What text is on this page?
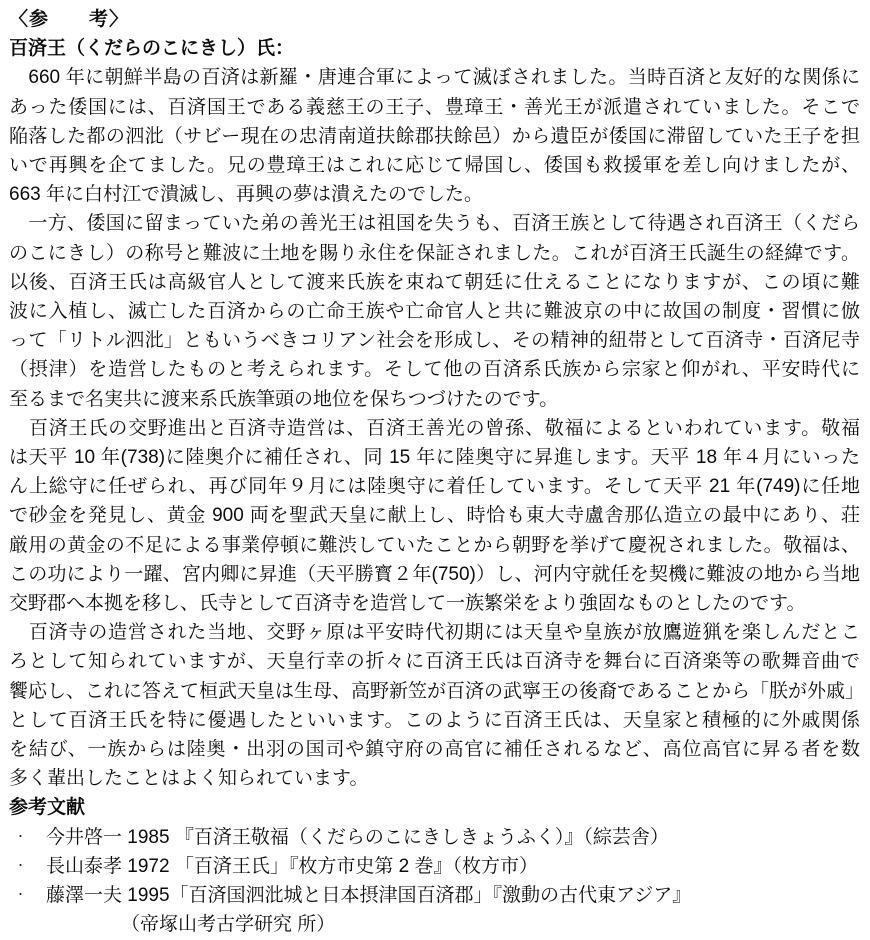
〈参　　考〉
百済王（くだらのこにきし）氏：
　660 年に朝鮮半島の百済は新羅・唐連合軍によって滅ぼされました。当時百済と友好的な関係に
あった倭国には、百済国王である義慈王の王子、豊璋王・善光王が派遣されていました。そこで
陥落した都の泗沘（サビー現在の忠清南道扶餘郡扶餘邑）から遺臣が倭国に滞留していた王子を担
いで再興を企てました。兄の豊璋王はこれに応じて帰国し、倭国も救援軍を差し向けましたが、
663 年に白村江で潰滅し、再興の夢は潰えたのでした。
　一方、倭国に留まっていた弟の善光王は祖国を失うも、百済王族として待遇され百済王（くだら
のこにきし）の称号と難波に土地を賜り永住を保証されました。これが百済王氏誕生の経緯です。
以後、百済王氏は高級官人として渡来氏族を束ねて朝廷に仕えることになりますが、この頃に難
波に入植し、滅亡した百済からの亡命王族や亡命官人と共に難波京の中に故国の制度・習慣に倣
って「リトル泗沘」ともいうべきコリアン社会を形成し、その精神的紐帯として百済寺・百済尼寺
（摂津）を造営したものと考えられます。そして他の百済系氏族から宗家と仰がれ、平安時代に
至るまで名実共に渡来系氏族筆頭の地位を保ちつづけたのです。
　百済王氏の交野進出と百済寺造営は、百済王善光の曾孫、敬福によるといわれています。敬福
は天平 10 年(738)に陸奥介に補任され、同 15 年に陸奥守に昇進します。天平 18 年４月にいった
ん上総守に任ぜられ、再び同年９月には陸奥守に着任しています。そして天平 21 年(749)に任地
で砂金を発見し、黄金 900 両を聖武天皇に献上し、時恰も東大寺盧舎那仏造立の最中にあり、荘
厳用の黄金の不足による事業停頓に難渋していたことから朝野を挙げて慶祝されました。敬福は、
この功により一躍、宮内卿に昇進（天平勝寳２年(750)）し、河内守就任を契機に難波の地から当地
交野郡へ本拠を移し、氏寺として百済寺を造営して一族繁栄をより強固なものとしたのです。
　百済寺の造営された当地、交野ヶ原は平安時代初期には天皇や皇族が放鷹遊猟を楽しんだとこ
ろとして知られていますが、天皇行幸の折々に百済王氏は百済寺を舞台に百済楽等の歌舞音曲で
饗応し、これに答えて桓武天皇は生母、高野新笠が百済の武寧王の後裔であることから「朕が外戚」
として百済王氏を特に優遇したといいます。このように百済王氏は、天皇家と積極的に外戚関係
を結び、一族からは陸奥・出羽の国司や鎮守府の高官に補任されるなど、高位高官に昇る者を数
多く輩出したことはよく知られています。
参考文献
・	今井啓一 1985 『百済王敬福（くだらのこにきしきょうふく）』（綜芸舎）
・	長山泰孝 1972 「百済王氏」『枚方市史第 2 巻』（枚方市）
・	藤澤一夫 1995「百済国泗沘城と日本摂津国百済郡」『激動の古代東アジア』
（帝塚山考古学研究 所）
